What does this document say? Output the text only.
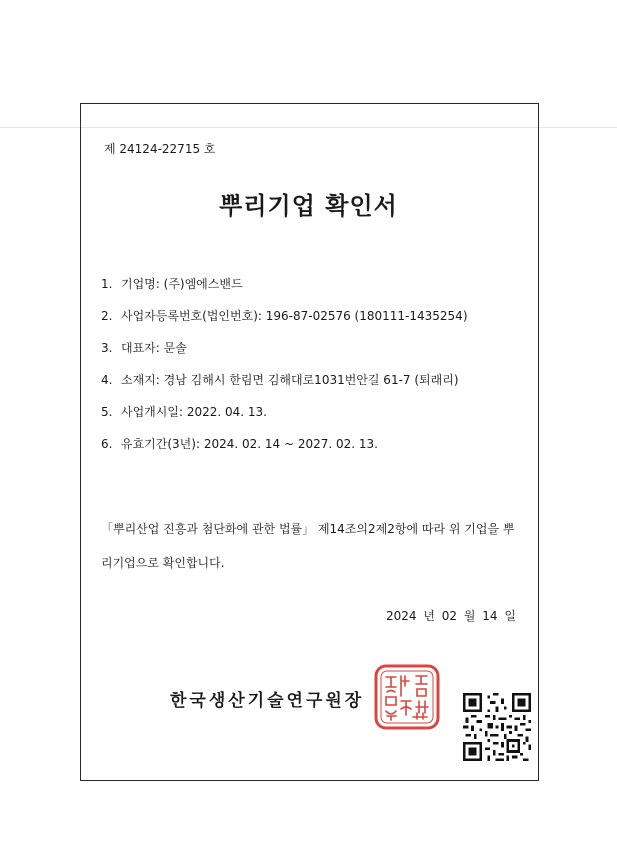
제 24124-22715 호
뿌리기업 확인서
1. 기업명: (주)엠에스밴드
2. 사업자등록번호(법인번호): 196-87-02576 (180111-1435254)
3. 대표자: 문솔
4. 소재지: 경남 김해시 한림면 김해대로1031번안길 61-7 (퇴래리)
5. 사업개시일: 2022. 04. 13.
6. 유효기간(3년): 2024. 02. 14 ~ 2027. 02. 13.
「뿌리산업 진흥과 첨단화에 관한 법률」 제14조의2제2항에 따라 위 기업을 뿌리기업으로 확인합니다.
2024 년 02 월 14 일
한국생산기술연구원장
